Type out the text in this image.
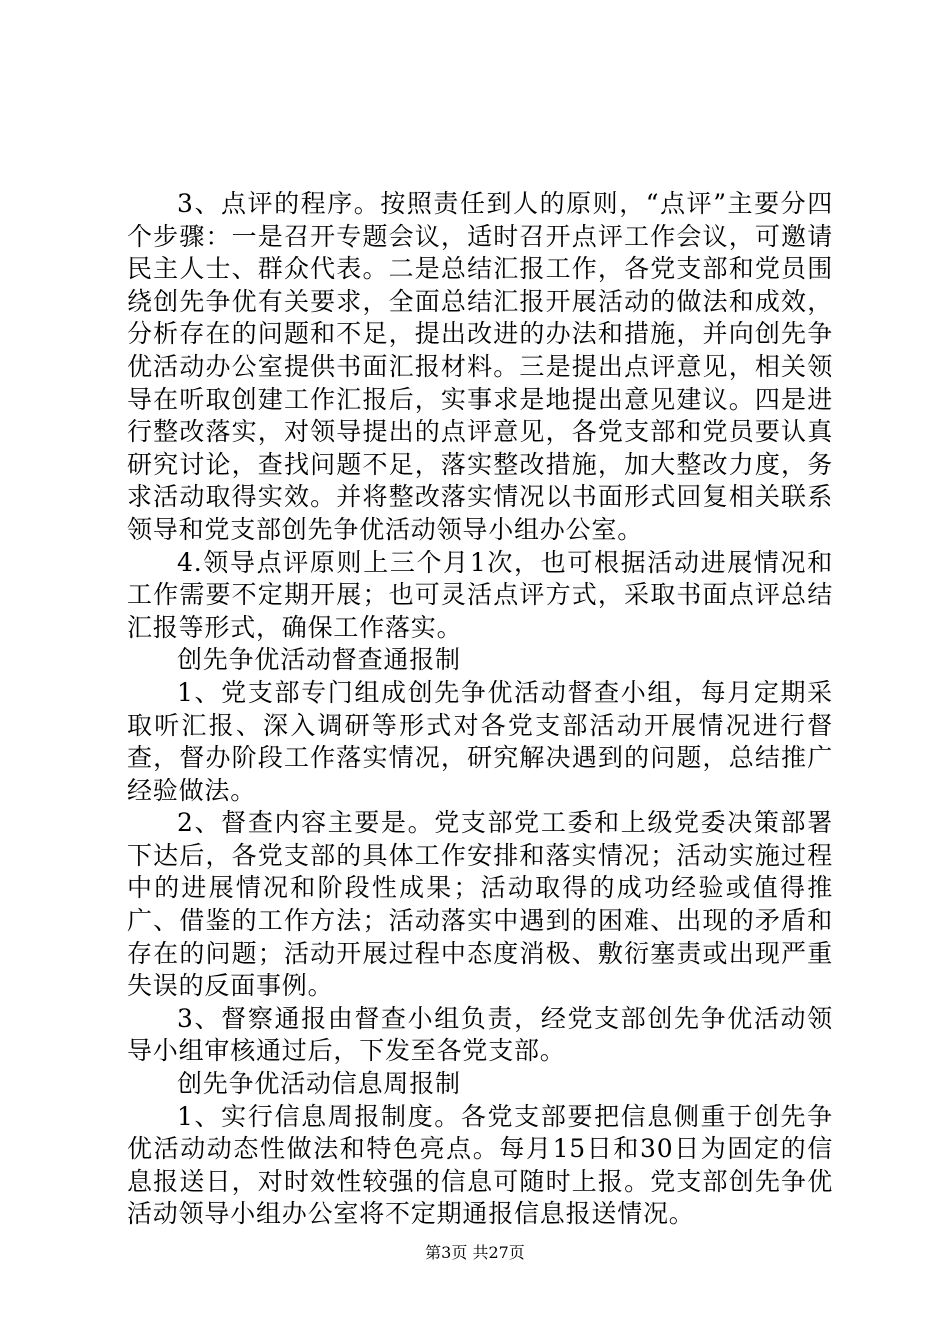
3、点评的程序。按照责任到人的原则，“点评”主要分四个步骤：一是召开专题会议，适时召开点评工作会议，可邀请民主人士、群众代表。二是总结汇报工作，各党支部和党员围绕创先争优有关要求，全面总结汇报开展活动的做法和成效，分析存在的问题和不足，提出改进的办法和措施，并向创先争优活动办公室提供书面汇报材料。三是提出点评意见，相关领导在听取创建工作汇报后，实事求是地提出意见建议。四是进行整改落实，对领导提出的点评意见，各党支部和党员要认真研究讨论，查找问题不足，落实整改措施，加大整改力度，务求活动取得实效。并将整改落实情况以书面形式回复相关联系领导和党支部创先争优活动领导小组办公室。

4.领导点评原则上三个月1次，也可根据活动进展情况和工作需要不定期开展；也可灵活点评方式，采取书面点评总结汇报等形式，确保工作落实。

创先争优活动督查通报制

1、党支部专门组成创先争优活动督查小组，每月定期采取听汇报、深入调研等形式对各党支部活动开展情况进行督查，督办阶段工作落实情况，研究解决遇到的问题，总结推广经验做法。

2、督查内容主要是。党支部党工委和上级党委决策部署下达后，各党支部的具体工作安排和落实情况；活动实施过程中的进展情况和阶段性成果；活动取得的成功经验或值得推广、借鉴的工作方法；活动落实中遇到的困难、出现的矛盾和存在的问题；活动开展过程中态度消极、敷衍塞责或出现严重失误的反面事例。

3、督察通报由督查小组负责，经党支部创先争优活动领导小组审核通过后，下发至各党支部。

创先争优活动信息周报制

1、实行信息周报制度。各党支部要把信息侧重于创先争优活动动态性做法和特色亮点。每月15日和30日为固定的信息报送日，对时效性较强的信息可随时上报。党支部创先争优活动领导小组办公室将不定期通报信息报送情况。

第3页 共27页
